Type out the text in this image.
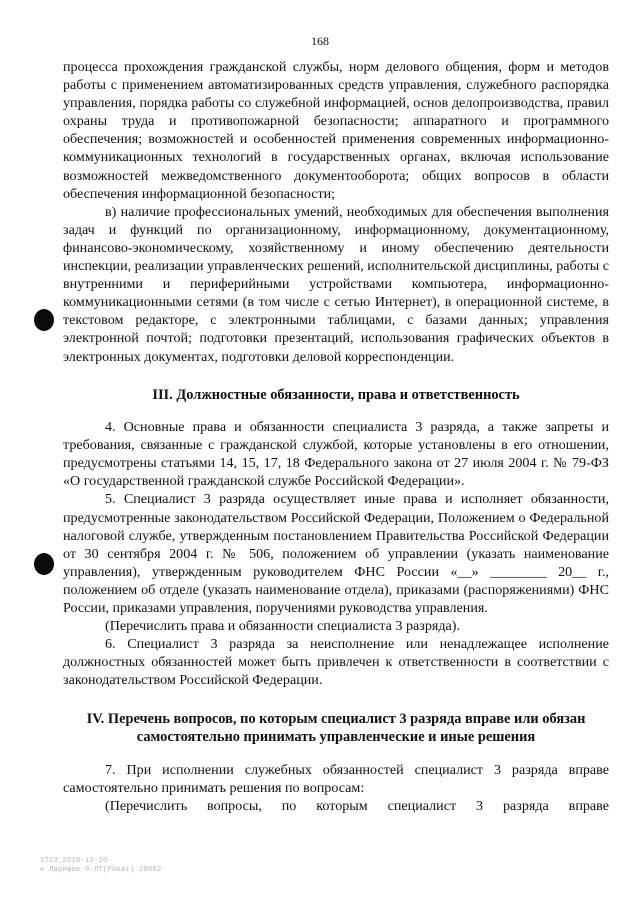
168

процесса прохождения гражданской службы, норм делового общения, форм и методов работы с применением автоматизированных средств управления, служебного распорядка управления, порядка работы со служебной информацией, основ делопроизводства, правил охраны труда и противопожарной безопасности; аппаратного и программного обеспечения; возможностей и особенностей применения современных информационно-коммуникационных технологий в государственных органах, включая использование возможностей межведомственного документооборота; общих вопросов в области обеспечения информационной безопасности;

в) наличие профессиональных умений, необходимых для обеспечения выполнения задач и функций по организационному, информационному, документационному, финансово-экономическому, хозяйственному и иному обеспечению деятельности инспекции, реализации управленческих решений, исполнительской дисциплины, работы с внутренними и периферийными устройствами компьютера, информационно-коммуникационными сетями (в том числе с сетью Интернет), в операционной системе, в текстовом редакторе, с электронными таблицами, с базами данных; управления электронной почтой; подготовки презентаций, использования графических объектов в электронных документах, подготовки деловой корреспонденции.

III. Должностные обязанности, права и ответственность

4. Основные права и обязанности специалиста 3 разряда, а также запреты и требования, связанные с гражданской службой, которые установлены в его отношении, предусмотрены статьями 14, 15, 17, 18 Федерального закона от 27 июля 2004 г. № 79-ФЗ «О государственной гражданской службе Российской Федерации».

5. Специалист 3 разряда осуществляет иные права и исполняет обязанности, предусмотренные законодательством Российской Федерации, Положением о Федеральной налоговой службе, утвержденным постановлением Правительства Российской Федерации от 30 сентября 2004 г. № 506, положением об управлении (указать наименование управления), утвержденным руководителем ФНС России «__» ________ 20__ г., положением об отделе (указать наименование отдела), приказами (распоряжениями) ФНС России, приказами управления, поручениями руководства управления.

(Перечислить права и обязанности специалиста 3 разряда).

6. Специалист 3 разряда за неисполнение или ненадлежащее исполнение должностных обязанностей может быть привлечен к ответственности в соответствии с законодательством Российской Федерации.

IV. Перечень вопросов, по которым специалист 3 разряда вправе или обязан

самостоятельно принимать управленческие и иные решения

7. При исполнении служебных обязанностей специалист 3 разряда вправе самостоятельно принимать решения по вопросам:

(Перечислить вопросы, по которым специалист 3 разряда вправе

1723_2010-12-20
к Ларйфов-9-ЛТ(Рокат) 29062
